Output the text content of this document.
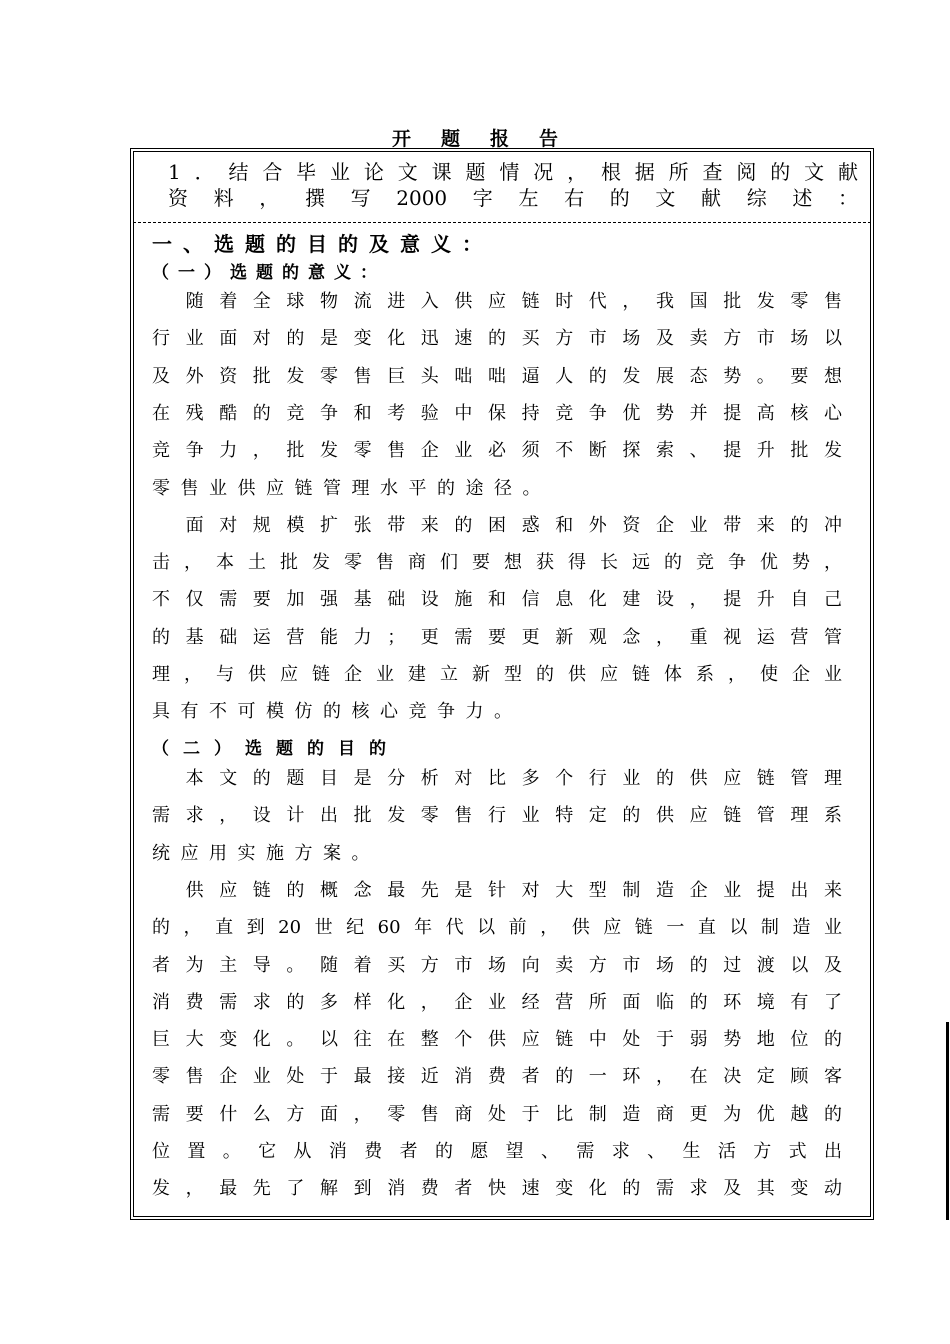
开题报告
1．结合毕业论文课题情况，根据所查阅的文献
资料，撰写2000字左右的文献综述：
一、选题的目的及意义：
（一）选题的意义：
　随着全球物流进入供应链时代，我国批发零售
行业面对的是变化迅速的买方市场及卖方市场以
及外资批发零售巨头咄咄逼人的发展态势。要想
在残酷的竞争和考验中保持竞争优势并提高核心
竞争力，批发零售企业必须不断探索、提升批发
零售业供应链管理水平的途径。
　面对规模扩张带来的困惑和外资企业带来的冲
击，本土批发零售商们要想获得长远的竞争优势，
不仅需要加强基础设施和信息化建设，提升自己
的基础运营能力；更需要更新观念，重视运营管
理，与供应链企业建立新型的供应链体系，使企业
具有不可模仿的核心竞争力。
（二）选题的目的
　本文的题目是分析对比多个行业的供应链管理
需求，设计出批发零售行业特定的供应链管理系
统应用实施方案。
　供应链的概念最先是针对大型制造企业提出来
的，直到20世纪60年代以前，供应链一直以制造业
者为主导。随着买方市场向卖方市场的过渡以及
消费需求的多样化，企业经营所面临的环境有了
巨大变化。以往在整个供应链中处于弱势地位的
零售企业处于最接近消费者的一环，在决定顾客
需要什么方面，零售商处于比制造商更为优越的
位置。它从消费者的愿望、需求、生活方式出
发，最先了解到消费者快速变化的需求及其变动
